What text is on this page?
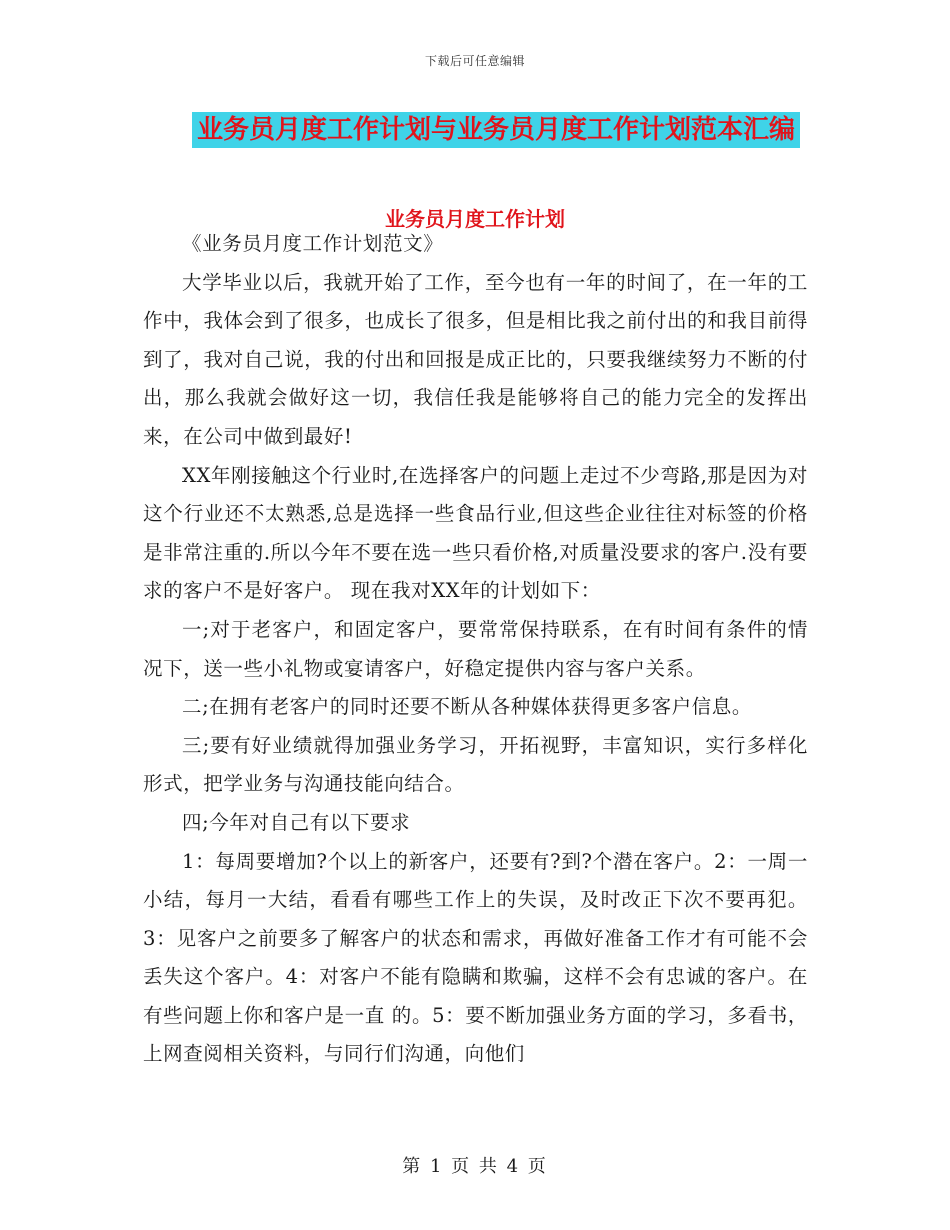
下载后可任意编辑
业务员月度工作计划与业务员月度工作计划范本汇编
业务员月度工作计划

《业务员月度工作计划范文》

大学毕业以后，我就开始了工作，至今也有一年的时间了，在一年的工作中，我体会到了很多，也成长了很多，但是相比我之前付出的和我目前得到了，我对自己说，我的付出和回报是成正比的，只要我继续努力不断的付出，那么我就会做好这一切，我信任我是能够将自己的能力完全的发挥出来，在公司中做到最好!

XX年刚接触这个行业时,在选择客户的问题上走过不少弯路,那是因为对这个行业还不太熟悉,总是选择一些食品行业,但这些企业往往对标签的价格是非常注重的.所以今年不要在选一些只看价格,对质量没要求的客户.没有要求的客户不是好客户。 现在我对XX年的计划如下：

一;对于老客户，和固定客户，要常常保持联系，在有时间有条件的情况下，送一些小礼物或宴请客户，好稳定提供内容与客户关系。

二;在拥有老客户的同时还要不断从各种媒体获得更多客户信息。

三;要有好业绩就得加强业务学习，开拓视野，丰富知识，实行多样化形式，把学业务与沟通技能向结合。

四;今年对自己有以下要求

1：每周要增加?个以上的新客户，还要有?到?个潜在客户。2：一周一小结，每月一大结，看看有哪些工作上的失误，及时改正下次不要再犯。3：见客户之前要多了解客户的状态和需求，再做好准备工作才有可能不会丢失这个客户。4：对客户不能有隐瞒和欺骗，这样不会有忠诚的客户。在有些问题上你和客户是一直 的。5：要不断加强业务方面的学习，多看书，上网查阅相关资料，与同行们沟通，向他们

第 1 页 共 4 页
